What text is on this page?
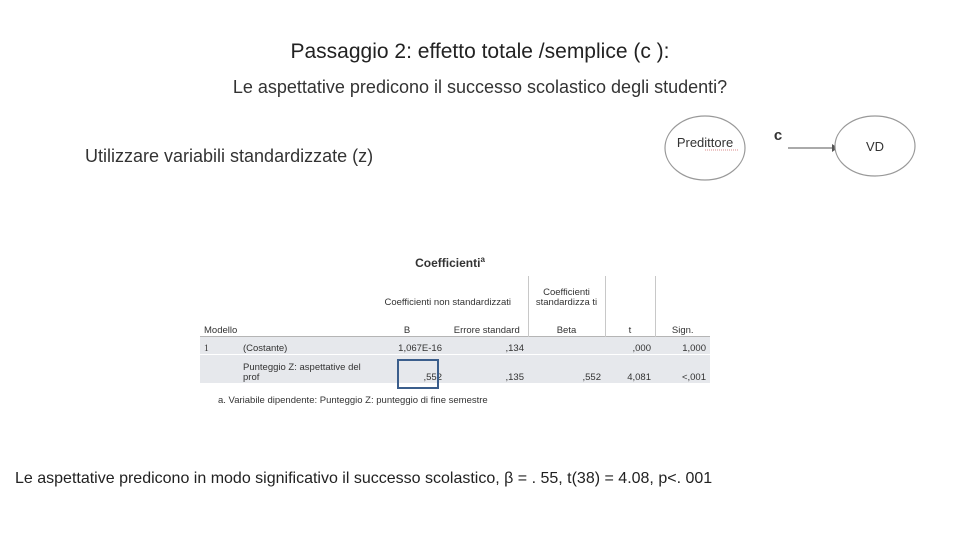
Passaggio 2: effetto totale /semplice (c ):
Le aspettative predicono il successo scolastico degli studenti?
Utilizzare variabili standardizzate (z)
Predittore	c
VD
Coefficienti$^a$
		Coefficienti non standardizzati		Coefficienti standardizza ti		
Modello		B	Errore standard	Beta	t	Sign.
1	(Costante)	1,067E-16	,134		,000	1,000
	Punteggio Z: aspettative del prof	,552	,135	,552	4,081	<,001
a. Variabile dipendente: Punteggio Z: punteggio di fine semestre
Le aspettative predicono in modo significativo il successo scolastico, β = . 55, t(38) = 4.08, p<. 001
